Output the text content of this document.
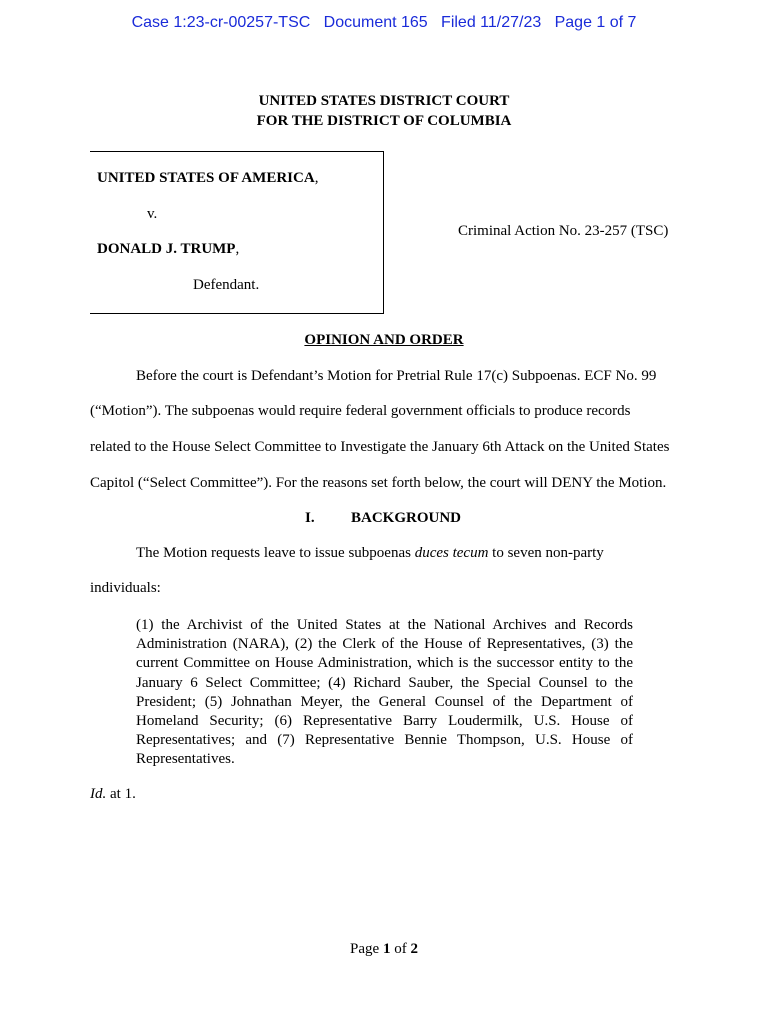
Case 1:23-cr-00257-TSC   Document 165   Filed 11/27/23   Page 1 of 7
UNITED STATES DISTRICT COURT
FOR THE DISTRICT OF COLUMBIA
UNITED STATES OF AMERICA,
v.
DONALD J. TRUMP,
Defendant.
Criminal Action No. 23-257 (TSC)
OPINION AND ORDER
Before the court is Defendant’s Motion for Pretrial Rule 17(c) Subpoenas. ECF No. 99
(“Motion”). The subpoenas would require federal government officials to produce records
related to the House Select Committee to Investigate the January 6th Attack on the United States
Capitol (“Select Committee”). For the reasons set forth below, the court will DENY the Motion.
I. BACKGROUND
The Motion requests leave to issue subpoenas duces tecum to seven non-party
individuals:
(1) the Archivist of the United States at the National Archives and Records
Administration (NARA), (2) the Clerk of the House of Representatives, (3) the
current Committee on House Administration, which is the successor entity to the
January 6 Select Committee; (4) Richard Sauber, the Special Counsel to the
President; (5) Johnathan Meyer, the General Counsel of the Department of
Homeland Security; (6) Representative Barry Loudermilk, U.S. House of
Representatives; and (7) Representative Bennie Thompson, U.S. House of
Representatives.
Id. at 1.
Page 1 of 2
